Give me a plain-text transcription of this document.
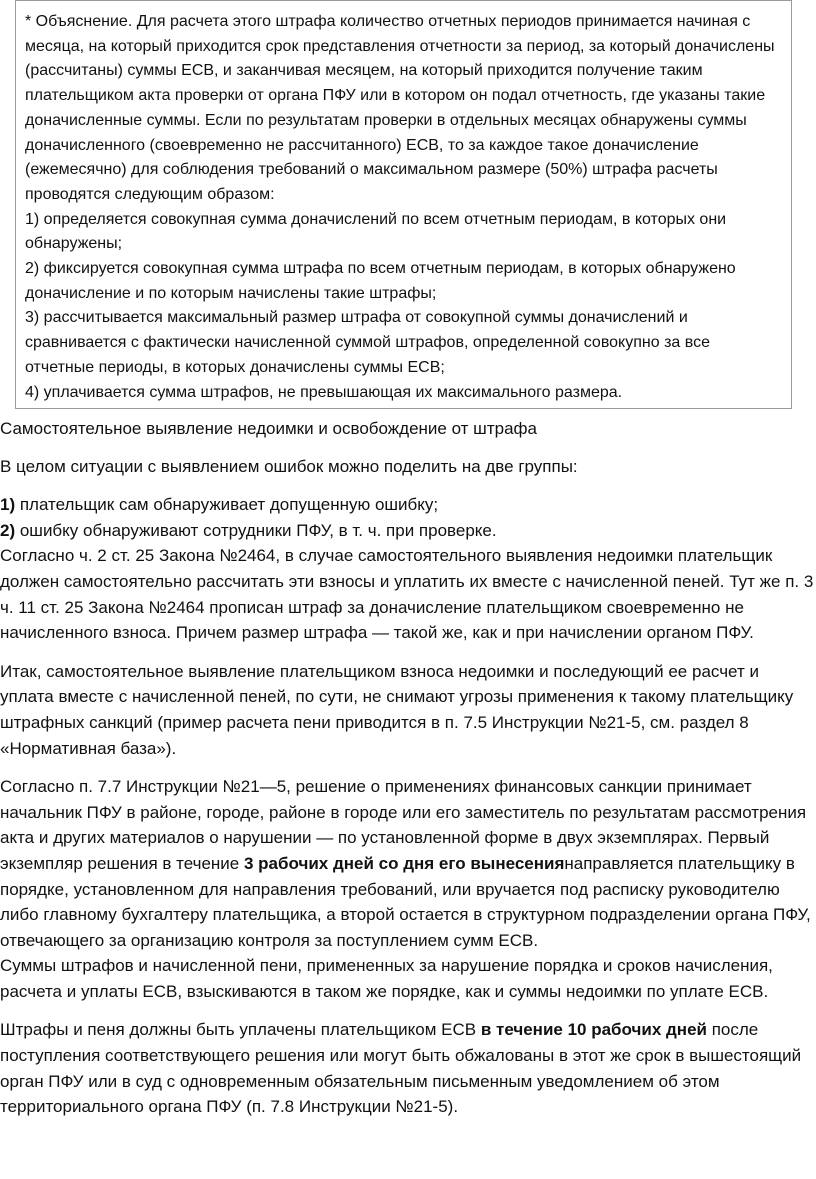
* Объяснение. Для расчета этого штрафа количество отчетных периодов принимается начиная с месяца, на который приходится срок представления отчетности за период, за который доначислены (рассчитаны) суммы ЕСВ, и заканчивая месяцем, на который приходится получение таким плательщиком акта проверки от органа ПФУ или в котором он подал отчетность, где указаны такие доначисленные суммы. Если по результатам проверки в отдельных месяцах обнаружены суммы доначисленного (своевременно не рассчитанного) ЕСВ, то за каждое такое доначисление (ежемесячно) для соблюдения требований о максимальном размере (50%) штрафа расчеты проводятся следующим образом:

1) определяется совокупная сумма доначислений по всем отчетным периодам, в которых они обнаружены;

2) фиксируется совокупная сумма штрафа по всем отчетным периодам, в которых обнаружено доначисление и по которым начислены такие штрафы;

3) рассчитывается максимальный размер штрафа от совокупной суммы доначислений и сравнивается с фактически начисленной суммой штрафов, определенной совокупно за все отчетные периоды, в которых доначислены суммы ЕСВ;

4) уплачивается сумма штрафов, не превышающая их максимального размера.

Самостоятельное выявление недоимки и освобождение от штрафа

В целом ситуации с выявлением ошибок можно поделить на две группы:

1) плательщик сам обнаруживает допущенную ошибку;

2) ошибку обнаруживают сотрудники ПФУ, в т. ч. при проверке.

Согласно ч. 2 ст. 25 Закона №2464, в случае самостоятельного выявления недоимки плательщик должен самостоятельно рассчитать эти взносы и уплатить их вместе с начисленной пеней. Тут же п. 3 ч. 11 ст. 25 Закона №2464 прописан штраф за доначисление плательщиком своевременно не начисленного взноса. Причем размер штрафа — такой же, как и при начислении органом ПФУ.

Итак, самостоятельное выявление плательщиком взноса недоимки и последующий ее расчет и уплата вместе с начисленной пеней, по сути, не снимают угрозы применения к такому плательщику штрафных санкций (пример расчета пени приводится в п. 7.5 Инструкции №21-5, см. раздел 8 «Нормативная база»).

Согласно п. 7.7 Инструкции №21—5, решение о применениях финансовых санкции принимает начальник ПФУ в районе, городе, районе в городе или его заместитель по результатам рассмотрения акта и других материалов о нарушении — по установленной форме в двух экземплярах. Первый экземпляр решения в течение 3 рабочих дней со дня его вынесениянаправляется плательщику в порядке, установленном для направления требований, или вручается под расписку руководителю либо главному бухгалтеру плательщика, а второй остается в структурном подразделении органа ПФУ, отвечающего за организацию контроля за поступлением сумм ЕСВ.

Суммы штрафов и начисленной пени, примененных за нарушение порядка и сроков начисления, расчета и уплаты ЕСВ, взыскиваются в таком же порядке, как и суммы недоимки по уплате ЕСВ.

Штрафы и пеня должны быть уплачены плательщиком ЕСВ в течение 10 рабочих дней после поступления соответствующего решения или могут быть обжалованы в этот же срок в вышестоящий орган ПФУ или в суд с одновременным обязательным письменным уведомлением об этом территориального органа ПФУ (п. 7.8 Инструкции №21-5).
